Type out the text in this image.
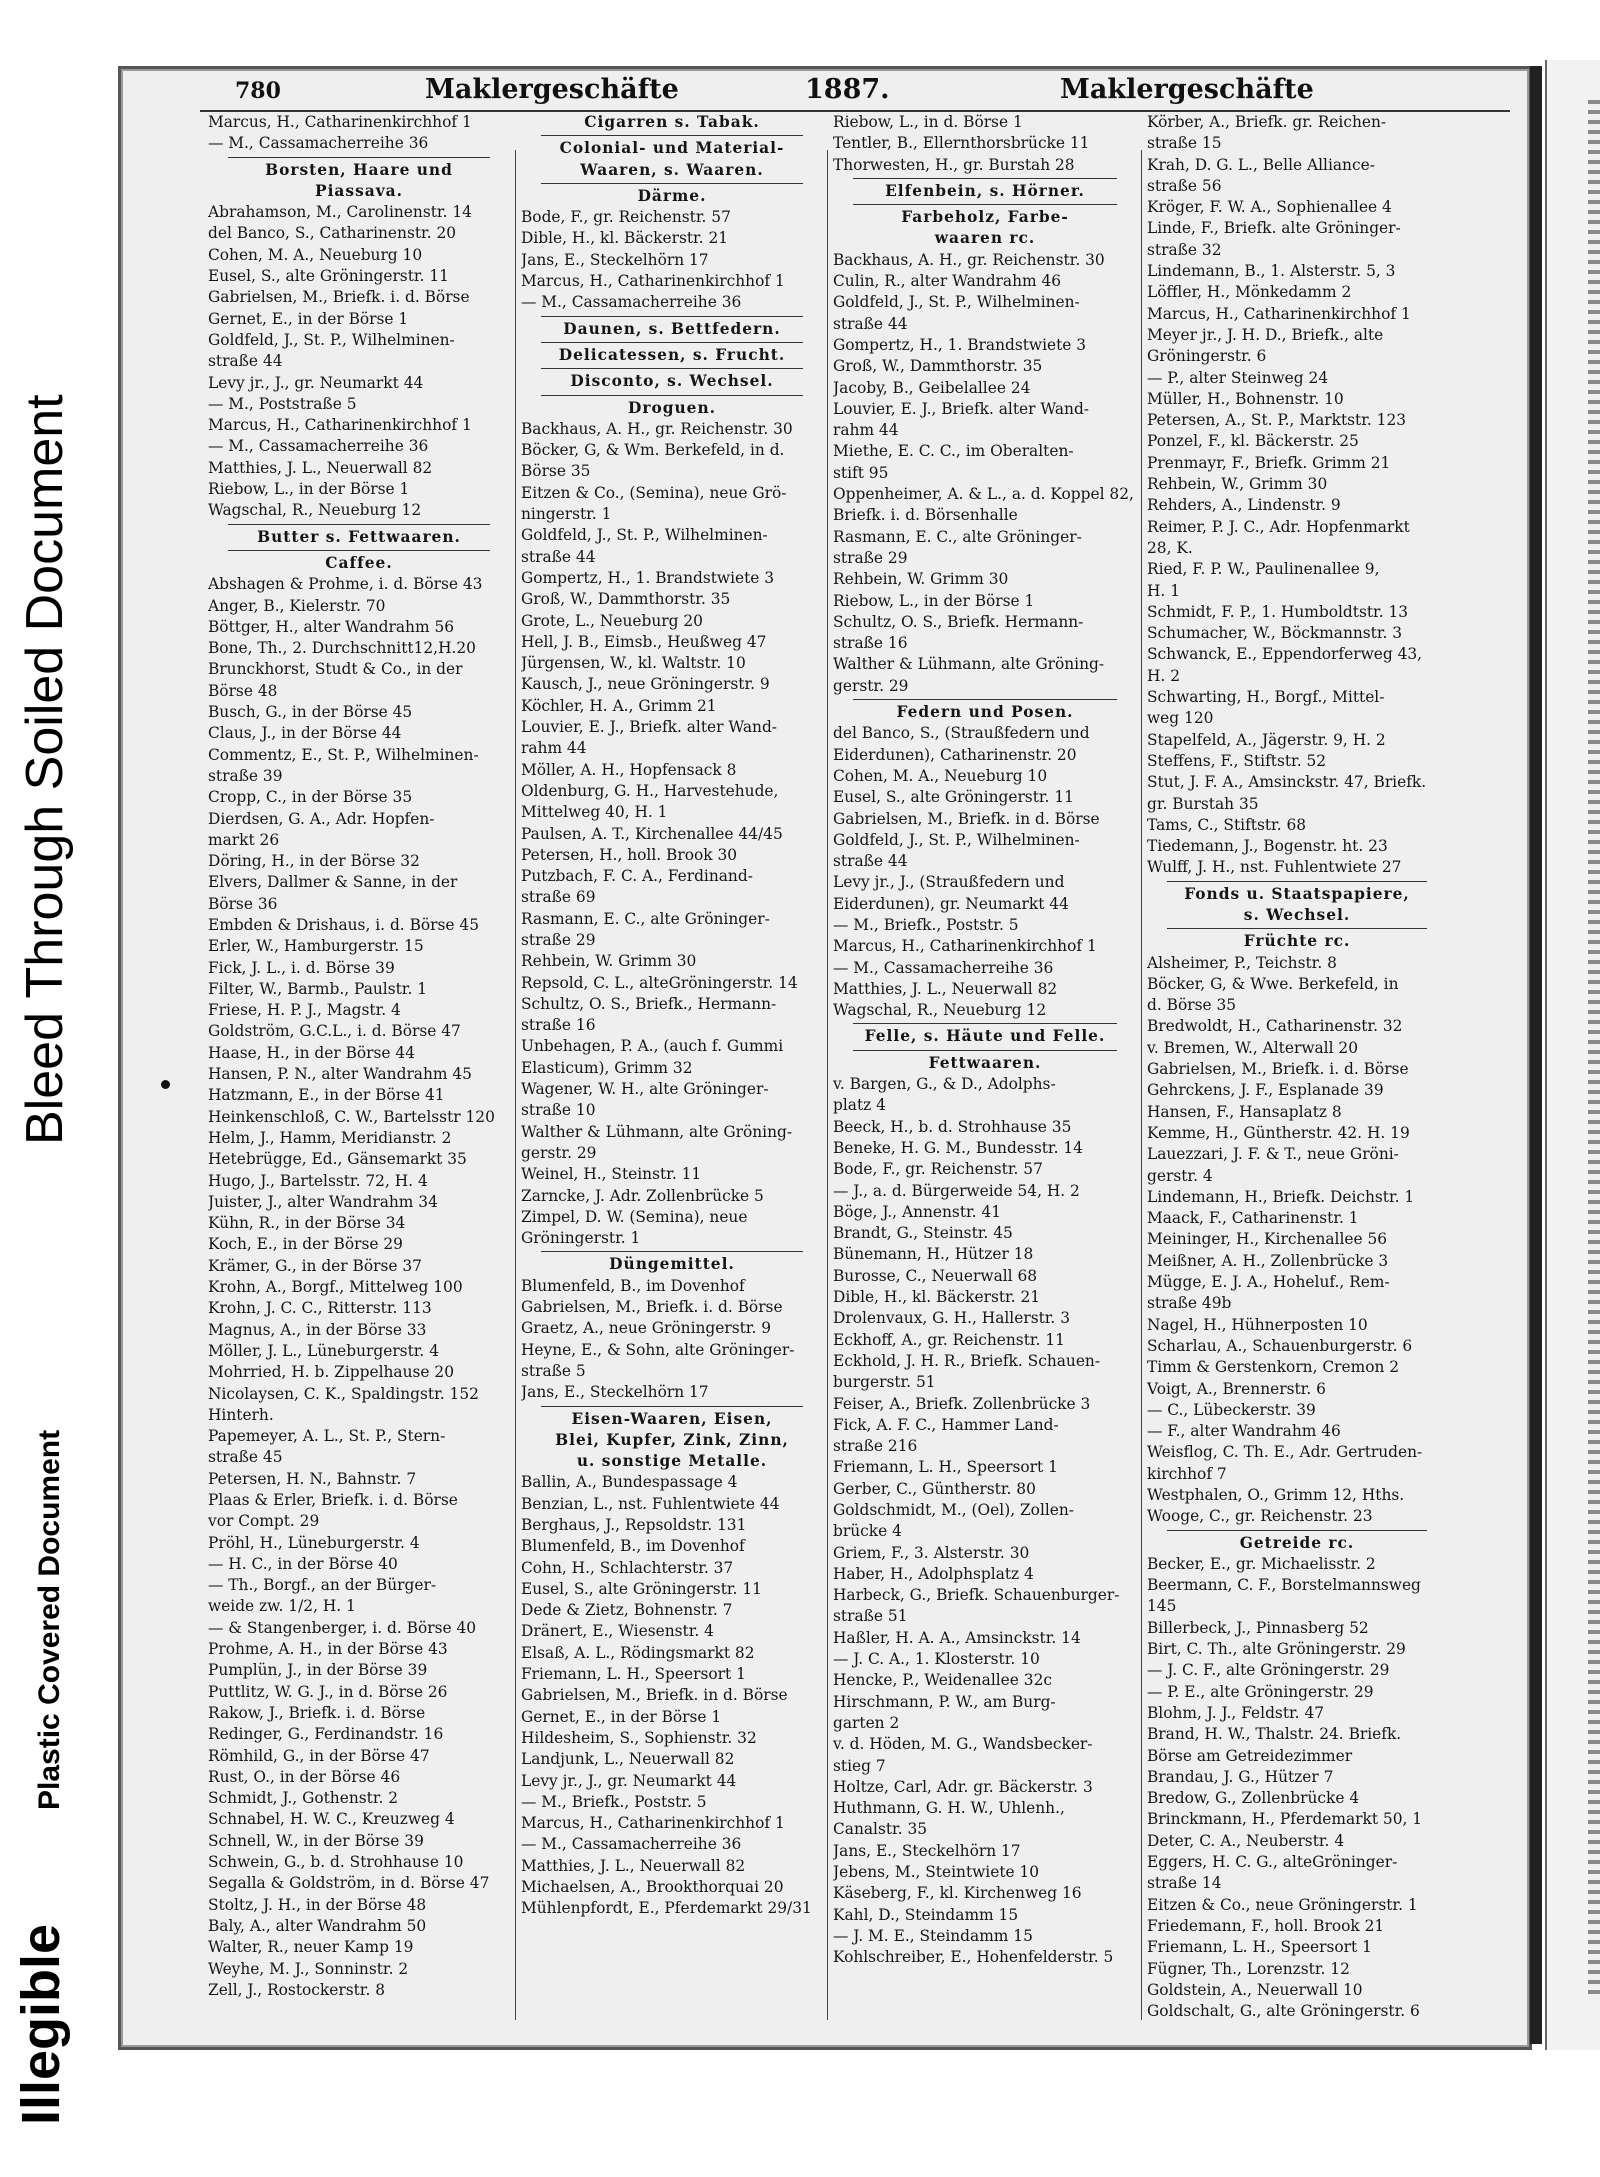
Illegible
Plastic Covered Document
Bleed Through Soiled Document
780	Maklergeschäfte	1887.	Maklergeschäfte
Marcus, H., Catharinenkirchhof 1
— M., Cassamacherreihe 36
Borsten, Haare und
Piassava.
Abrahamson, M., Carolinenstr. 14
del Banco, S., Catharinenstr. 20
Cohen, M. A., Neueburg 10
Eusel, S., alte Gröningerstr. 11
Gabrielsen, M., Briefk. i. d. Börse
Gernet, E., in der Börse 1
Goldfeld, J., St. P., Wilhelminen-
straße 44
Levy jr., J., gr. Neumarkt 44
— M., Poststraße 5
Marcus, H., Catharinenkirchhof 1
— M., Cassamacherreihe 36
Matthies, J. L., Neuerwall 82
Riebow, L., in der Börse 1
Wagschal, R., Neueburg 12
Butter s. Fettwaaren.
Caffee.
Abshagen & Prohme, i. d. Börse 43
Anger, B., Kielerstr. 70
Böttger, H., alter Wandrahm 56
Bone, Th., 2. Durchschnitt12,H.20
Brunckhorst, Studt & Co., in der
Börse 48
Busch, G., in der Börse 45
Claus, J., in der Börse 44
Commentz, E., St. P., Wilhelminen-
straße 39
Cropp, C., in der Börse 35
Dierdsen, G. A., Adr. Hopfen-
markt 26
Döring, H., in der Börse 32
Elvers, Dallmer & Sanne, in der
Börse 36
Embden & Drishaus, i. d. Börse 45
Erler, W., Hamburgerstr. 15
Fick, J. L., i. d. Börse 39
Filter, W., Barmb., Paulstr. 1
Friese, H. P. J., Magstr. 4
Goldström, G.C.L., i. d. Börse 47
Haase, H., in der Börse 44
Hansen, P. N., alter Wandrahm 45
Hatzmann, E., in der Börse 41
Heinkenschloß, C. W., Bartelsstr 120
Helm, J., Hamm, Meridianstr. 2
Hetebrügge, Ed., Gänsemarkt 35
Hugo, J., Bartelsstr. 72, H. 4
Juister, J., alter Wandrahm 34
Kühn, R., in der Börse 34
Koch, E., in der Börse 29
Krämer, G., in der Börse 37
Krohn, A., Borgf., Mittelweg 100
Krohn, J. C. C., Ritterstr. 113
Magnus, A., in der Börse 33
Möller, J. L., Lüneburgerstr. 4
Mohrried, H. b. Zippelhause 20
Nicolaysen, C. K., Spaldingstr. 152
Hinterh.
Papemeyer, A. L., St. P., Stern-
straße 45
Petersen, H. N., Bahnstr. 7
Plaas & Erler, Briefk. i. d. Börse
vor Compt. 29
Pröhl, H., Lüneburgerstr. 4
— H. C., in der Börse 40
— Th., Borgf., an der Bürger-
weide zw. 1/2, H. 1
— & Stangenberger, i. d. Börse 40
Prohme, A. H., in der Börse 43
Pumplün, J., in der Börse 39
Puttlitz, W. G. J., in d. Börse 26
Rakow, J., Briefk. i. d. Börse
Redinger, G., Ferdinandstr. 16
Römhild, G., in der Börse 47
Rust, O., in der Börse 46
Schmidt, J., Gothenstr. 2
Schnabel, H. W. C., Kreuzweg 4
Schnell, W., in der Börse 39
Schwein, G., b. d. Strohhause 10
Segalla & Goldström, in d. Börse 47
Stoltz, J. H., in der Börse 48
Baly, A., alter Wandrahm 50
Walter, R., neuer Kamp 19
Weyhe, M. J., Sonninstr. 2
Zell, J., Rostockerstr. 8
Cigarren s. Tabak.
Colonial- und Material-
Waaren, s. Waaren.
Därme.
Bode, F., gr. Reichenstr. 57
Dible, H., kl. Bäckerstr. 21
Jans, E., Steckelhörn 17
Marcus, H., Catharinenkirchhof 1
— M., Cassamacherreihe 36
Daunen, s. Bettfedern.
Delicatessen, s. Frucht.
Disconto, s. Wechsel.
Droguen.
Backhaus, A. H., gr. Reichenstr. 30
Böcker, G, & Wm. Berkefeld, in d.
Börse 35
Eitzen & Co., (Semina), neue Grö-
ningerstr. 1
Goldfeld, J., St. P., Wilhelminen-
straße 44
Gompertz, H., 1. Brandstwiete 3
Groß, W., Dammthorstr. 35
Grote, L., Neueburg 20
Hell, J. B., Eimsb., Heußweg 47
Jürgensen, W., kl. Waltstr. 10
Kausch, J., neue Gröningerstr. 9
Köchler, H. A., Grimm 21
Louvier, E. J., Briefk. alter Wand-
rahm 44
Möller, A. H., Hopfensack 8
Oldenburg, G. H., Harvestehude,
Mittelweg 40, H. 1
Paulsen, A. T., Kirchenallee 44/45
Petersen, H., holl. Brook 30
Putzbach, F. C. A., Ferdinand-
straße 69
Rasmann, E. C., alte Gröninger-
straße 29
Rehbein, W. Grimm 30
Repsold, C. L., alteGröningerstr. 14
Schultz, O. S., Briefk., Hermann-
straße 16
Unbehagen, P. A., (auch f. Gummi
Elasticum), Grimm 32
Wagener, W. H., alte Gröninger-
straße 10
Walther & Lühmann, alte Gröning-
gerstr. 29
Weinel, H., Steinstr. 11
Zarncke, J. Adr. Zollenbrücke 5
Zimpel, D. W. (Semina), neue
Gröningerstr. 1
Düngemittel.
Blumenfeld, B., im Dovenhof
Gabrielsen, M., Briefk. i. d. Börse
Graetz, A., neue Gröningerstr. 9
Heyne, E., & Sohn, alte Gröninger-
straße 5
Jans, E., Steckelhörn 17
Eisen-Waaren, Eisen,
Blei, Kupfer, Zink, Zinn,
u. sonstige Metalle.
Ballin, A., Bundespassage 4
Benzian, L., nst. Fuhlentwiete 44
Berghaus, J., Repsoldstr. 131
Blumenfeld, B., im Dovenhof
Cohn, H., Schlachterstr. 37
Eusel, S., alte Gröningerstr. 11
Dede & Zietz, Bohnenstr. 7
Dränert, E., Wiesenstr. 4
Elsaß, A. L., Rödingsmarkt 82
Friemann, L. H., Speersort 1
Gabrielsen, M., Briefk. in d. Börse
Gernet, E., in der Börse 1
Hildesheim, S., Sophienstr. 32
Landjunk, L., Neuerwall 82
Levy jr., J., gr. Neumarkt 44
— M., Briefk., Poststr. 5
Marcus, H., Catharinenkirchhof 1
— M., Cassamacherreihe 36
Matthies, J. L., Neuerwall 82
Michaelsen, A., Brookthorquai 20
Mühlenpfordt, E., Pferdemarkt 29/31
Riebow, L., in d. Börse 1
Tentler, B., Ellernthorsbrücke 11
Thorwesten, H., gr. Burstah 28
Elfenbein, s. Hörner.
Farbeholz, Farbe-
waaren rc.
Backhaus, A. H., gr. Reichenstr. 30
Culin, R., alter Wandrahm 46
Goldfeld, J., St. P., Wilhelminen-
straße 44
Gompertz, H., 1. Brandstwiete 3
Groß, W., Dammthorstr. 35
Jacoby, B., Geibelallee 24
Louvier, E. J., Briefk. alter Wand-
rahm 44
Miethe, E. C. C., im Oberalten-
stift 95
Oppenheimer, A. & L., a. d. Koppel 82,
Briefk. i. d. Börsenhalle
Rasmann, E. C., alte Gröninger-
straße 29
Rehbein, W. Grimm 30
Riebow, L., in der Börse 1
Schultz, O. S., Briefk. Hermann-
straße 16
Walther & Lühmann, alte Gröning-
gerstr. 29
Federn und Posen.
del Banco, S., (Straußfedern und
Eiderdunen), Catharinenstr. 20
Cohen, M. A., Neueburg 10
Eusel, S., alte Gröningerstr. 11
Gabrielsen, M., Briefk. in d. Börse
Goldfeld, J., St. P., Wilhelminen-
straße 44
Levy jr., J., (Straußfedern und
Eiderdunen), gr. Neumarkt 44
— M., Briefk., Poststr. 5
Marcus, H., Catharinenkirchhof 1
— M., Cassamacherreihe 36
Matthies, J. L., Neuerwall 82
Wagschal, R., Neueburg 12
Felle, s. Häute und Felle.
Fettwaaren.
v. Bargen, G., & D., Adolphs-
platz 4
Beeck, H., b. d. Strohhause 35
Beneke, H. G. M., Bundesstr. 14
Bode, F., gr. Reichenstr. 57
— J., a. d. Bürgerweide 54, H. 2
Böge, J., Annenstr. 41
Brandt, G., Steinstr. 45
Bünemann, H., Hützer 18
Burosse, C., Neuerwall 68
Dible, H., kl. Bäckerstr. 21
Drolenvaux, G. H., Hallerstr. 3
Eckhoff, A., gr. Reichenstr. 11
Eckhold, J. H. R., Briefk. Schauen-
burgerstr. 51
Feiser, A., Briefk. Zollenbrücke 3
Fick, A. F. C., Hammer Land-
straße 216
Friemann, L. H., Speersort 1
Gerber, C., Güntherstr. 80
Goldschmidt, M., (Oel), Zollen-
brücke 4
Griem, F., 3. Alsterstr. 30
Haber, H., Adolphsplatz 4
Harbeck, G., Briefk. Schauenburger-
straße 51
Haßler, H. A. A., Amsinckstr. 14
— J. C. A., 1. Klosterstr. 10
Hencke, P., Weidenallee 32c
Hirschmann, P. W., am Burg-
garten 2
v. d. Höden, M. G., Wandsbecker-
stieg 7
Holtze, Carl, Adr. gr. Bäckerstr. 3
Huthmann, G. H. W., Uhlenh.,
Canalstr. 35
Jans, E., Steckelhörn 17
Jebens, M., Steintwiete 10
Käseberg, F., kl. Kirchenweg 16
Kahl, D., Steindamm 15
— J. M. E., Steindamm 15
Kohlschreiber, E., Hohenfelderstr. 5
Körber, A., Briefk. gr. Reichen-
straße 15
Krah, D. G. L., Belle Alliance-
straße 56
Kröger, F. W. A., Sophienallee 4
Linde, F., Briefk. alte Gröninger-
straße 32
Lindemann, B., 1. Alsterstr. 5, 3
Löffler, H., Mönkedamm 2
Marcus, H., Catharinenkirchhof 1
Meyer jr., J. H. D., Briefk., alte
Gröningerstr. 6
— P., alter Steinweg 24
Müller, H., Bohnenstr. 10
Petersen, A., St. P., Marktstr. 123
Ponzel, F., kl. Bäckerstr. 25
Prenmayr, F., Briefk. Grimm 21
Rehbein, W., Grimm 30
Rehders, A., Lindenstr. 9
Reimer, P. J. C., Adr. Hopfenmarkt
28, K.
Ried, F. P. W., Paulinenallee 9,
H. 1
Schmidt, F. P., 1. Humboldtstr. 13
Schumacher, W., Böckmannstr. 3
Schwanck, E., Eppendorferweg 43,
H. 2
Schwarting, H., Borgf., Mittel-
weg 120
Stapelfeld, A., Jägerstr. 9, H. 2
Steffens, F., Stiftstr. 52
Stut, J. F. A., Amsinckstr. 47, Briefk.
gr. Burstah 35
Tams, C., Stiftstr. 68
Tiedemann, J., Bogenstr. ht. 23
Wulff, J. H., nst. Fuhlentwiete 27
Fonds u. Staatspapiere,
s. Wechsel.
Früchte rc.
Alsheimer, P., Teichstr. 8
Böcker, G, & Wwe. Berkefeld, in
d. Börse 35
Bredwoldt, H., Catharinenstr. 32
v. Bremen, W., Alterwall 20
Gabrielsen, M., Briefk. i. d. Börse
Gehrckens, J. F., Esplanade 39
Hansen, F., Hansaplatz 8
Kemme, H., Güntherstr. 42. H. 19
Lauezzari, J. F. & T., neue Gröni-
gerstr. 4
Lindemann, H., Briefk. Deichstr. 1
Maack, F., Catharinenstr. 1
Meininger, H., Kirchenallee 56
Meißner, A. H., Zollenbrücke 3
Mügge, E. J. A., Hoheluf., Rem-
straße 49b
Nagel, H., Hühnerposten 10
Scharlau, A., Schauenburgerstr. 6
Timm & Gerstenkorn, Cremon 2
Voigt, A., Brennerstr. 6
— C., Lübeckerstr. 39
— F., alter Wandrahm 46
Weisflog, C. Th. E., Adr. Gertruden-
kirchhof 7
Westphalen, O., Grimm 12, Hths.
Wooge, C., gr. Reichenstr. 23
Getreide rc.
Becker, E., gr. Michaelisstr. 2
Beermann, C. F., Borstelmannsweg
145
Billerbeck, J., Pinnasberg 52
Birt, C. Th., alte Gröningerstr. 29
— J. C. F., alte Gröningerstr. 29
— P. E., alte Gröningerstr. 29
Blohm, J. J., Feldstr. 47
Brand, H. W., Thalstr. 24. Briefk.
Börse am Getreidezimmer
Brandau, J. G., Hützer 7
Bredow, G., Zollenbrücke 4
Brinckmann, H., Pferdemarkt 50, 1
Deter, C. A., Neuberstr. 4
Eggers, H. C. G., alteGröninger-
straße 14
Eitzen & Co., neue Gröningerstr. 1
Friedemann, F., holl. Brook 21
Friemann, L. H., Speersort 1
Fügner, Th., Lorenzstr. 12
Goldstein, A., Neuerwall 10
Goldschalt, G., alte Gröningerstr. 6
